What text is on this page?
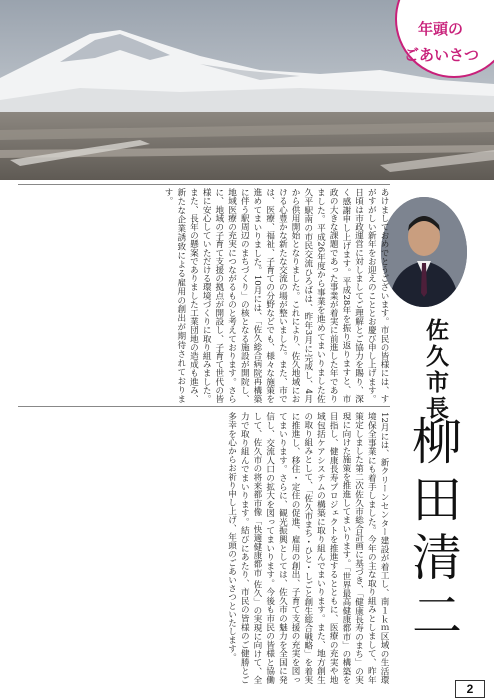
年頭の
ごあいさつ

あけましておめでとうございます。市民の皆様には、すがすがしい新年をお迎えのこととお慶び申し上げます。日頃は市政運営に対しましてご理解とご協力を賜り、深く感謝申し上げます。平成28年を振り返りますと、市政の大きな課題であった事業が着実に前進した年でありました。平成26年度から事業を進めてまいりました佐久平駅南の市民交流ひろばは、昨年3月に完成し、4月から供用開始となりました。これにより、佐久地域における心豊かな新たな交流の場が整いました。また、市では、医療、福祉、子育ての分野などでも、様々な施策を進めてまいりました。10月には、「佐久総合病院再構築に伴う駅周辺のまちづくり」の核となる施設が開院し、地域医療の充実につながるものと考えております。さらに、地域の子育て支援の拠点が開設し、子育て世代の皆様に安心していただける環境づくりに取り組みました。また、長年の懸案でありました工業団地の造成も進み、新たな企業誘致による雇用の創出が期待されております。

12月には、新クリーンセンター建設が着工し、南１ｋｍ区域の生活環境保全事業にも着手しました。今年の主な取り組みとしまして、昨年策定しました第二次佐久市総合計画に基づき、「健康長寿のまち」の実現に向けた施策を推進してまいります。「世界最高健康都市」の構築を目指し、健康長寿プロジェクトを推進するとともに、医療の充実や地域包括ケアシステムの構築に取り組んでまいります。また、地方創生の取り組みとして、「佐久市まち・ひと・しごと創生総合戦略」を着実に推進し、移住・定住の促進、雇用の創出、子育て支援の充実を図ってまいります。さらに、観光振興としては、佐久市の魅力を全国に発信し、交流人口の拡大を図ってまいります。今後も市民の皆様と協働して、佐久市の将来都市像「快適健康都市 佐久」の実現に向けて、全力で取り組んでまいります。結びにあたり、市民の皆様のご健勝とご多幸を心からお祈り申し上げ、年頭のごあいさつといたします。

佐久市長
柳田清二
2
